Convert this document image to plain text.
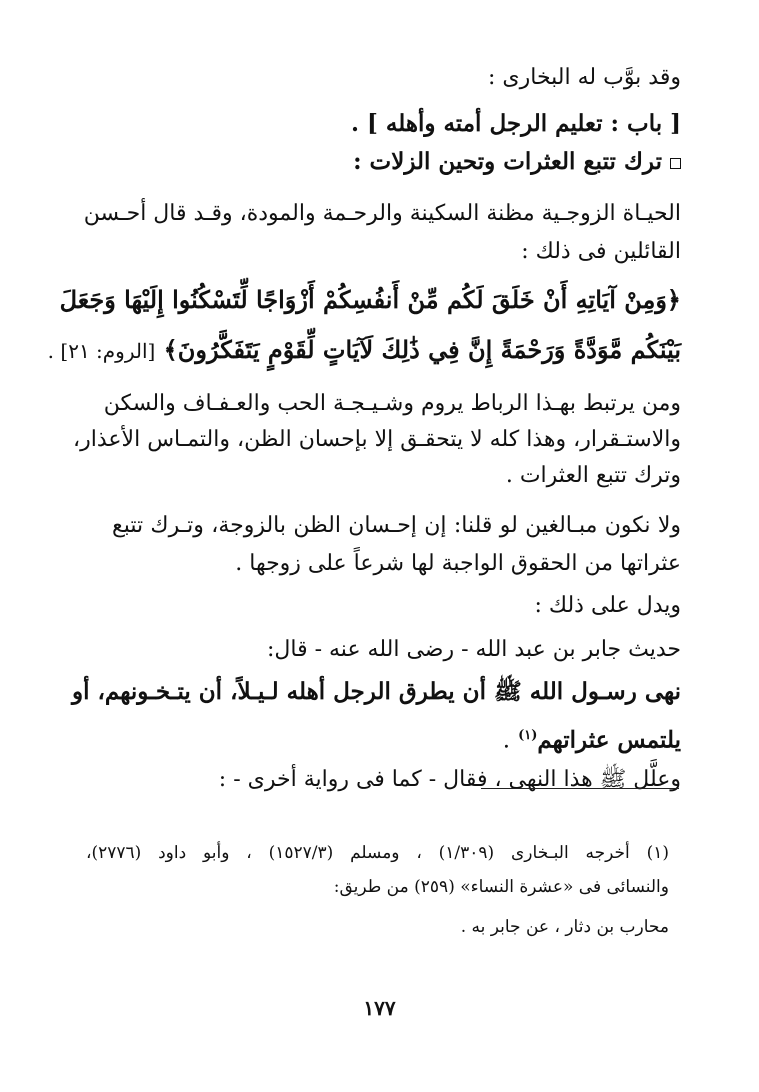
وقد بوَّب له البخارى :
[ باب : تعليم الرجل أمته وأهله ] .
ترك تتبع العثرات وتحين الزلات :
الحيـاة الزوجـية مظنة السكينة والرحـمة والمودة، وقـد قال أحـسن
القائلين فى ذلك :
﴿وَمِنْ آيَاتِهِ أَنْ خَلَقَ لَكُم مِّنْ أَنفُسِكُمْ أَزْوَاجًا لِّتَسْكُنُوا إِلَيْهَا وَجَعَلَ
بَيْنَكُم مَّوَدَّةً وَرَحْمَةً إِنَّ فِي ذَٰلِكَ لَآيَاتٍ لِّقَوْمٍ يَتَفَكَّرُونَ﴾ [الروم: ٢١] .
ومن يرتبط بهـذا الرباط يروم وشـيـجـة الحب والعـفـاف والسكن
والاستـقرار، وهذا كله لا يتحقـق إلا بإحسان الظن، والتمـاس الأعذار،
وترك تتبع العثرات .
ولا نكون مبـالغين لو قلنا: إن إحـسان الظن بالزوجة، وتـرك تتبع
عثراتها من الحقوق الواجبة لها شرعاً على زوجها .
ويدل على ذلك :
حديث جابر بن عبد الله - رضى الله عنه - قال:
نهى رسـول الله ﷺ أن يطرق الرجل أهله لـيـلاً، أن يتـخـونهم، أو
يلتمس عثراتهم$^{(١)}$ .
وعلَّل ﷺ هذا النهى ، فقال - كما فى رواية أخرى - :
(١) أخرجه البـخارى (١/٣٠٩) ، ومسلم (١٥٢٧/٣) ، وأبو داود (٢٧٧٦)،
والنسائى فى «عشرة النساء» (٢٥٩) من طريق:
محارب بن دثار ، عن جابر به .
١٧٧
